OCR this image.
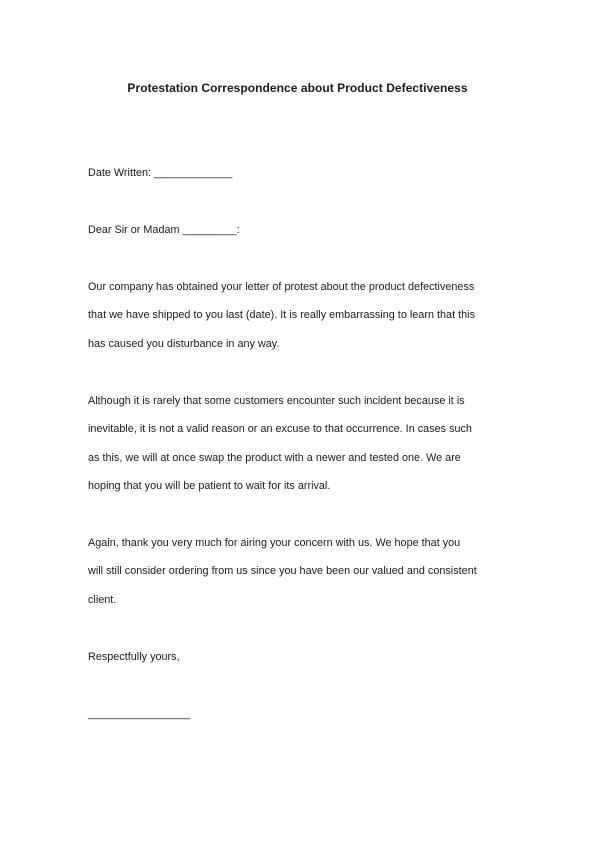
Protestation Correspondence about Product Defectiveness
Date Written: _____________
Dear Sir or Madam _________:
Our company has obtained your letter of protest about the product defectiveness
that we have shipped to you last (date). It is really embarrassing to learn that this
has caused you disturbance in any way.
Although it is rarely that some customers encounter such incident because it is
inevitable, it is not a valid reason or an excuse to that occurrence. In cases such
as this, we will at once swap the product with a newer and tested one. We are
hoping that you will be patient to wait for its arrival.
Again, thank you very much for airing your concern with us. We hope that you
will still consider ordering from us since you have been our valued and consistent
client.
Respectfully yours,
_________________
